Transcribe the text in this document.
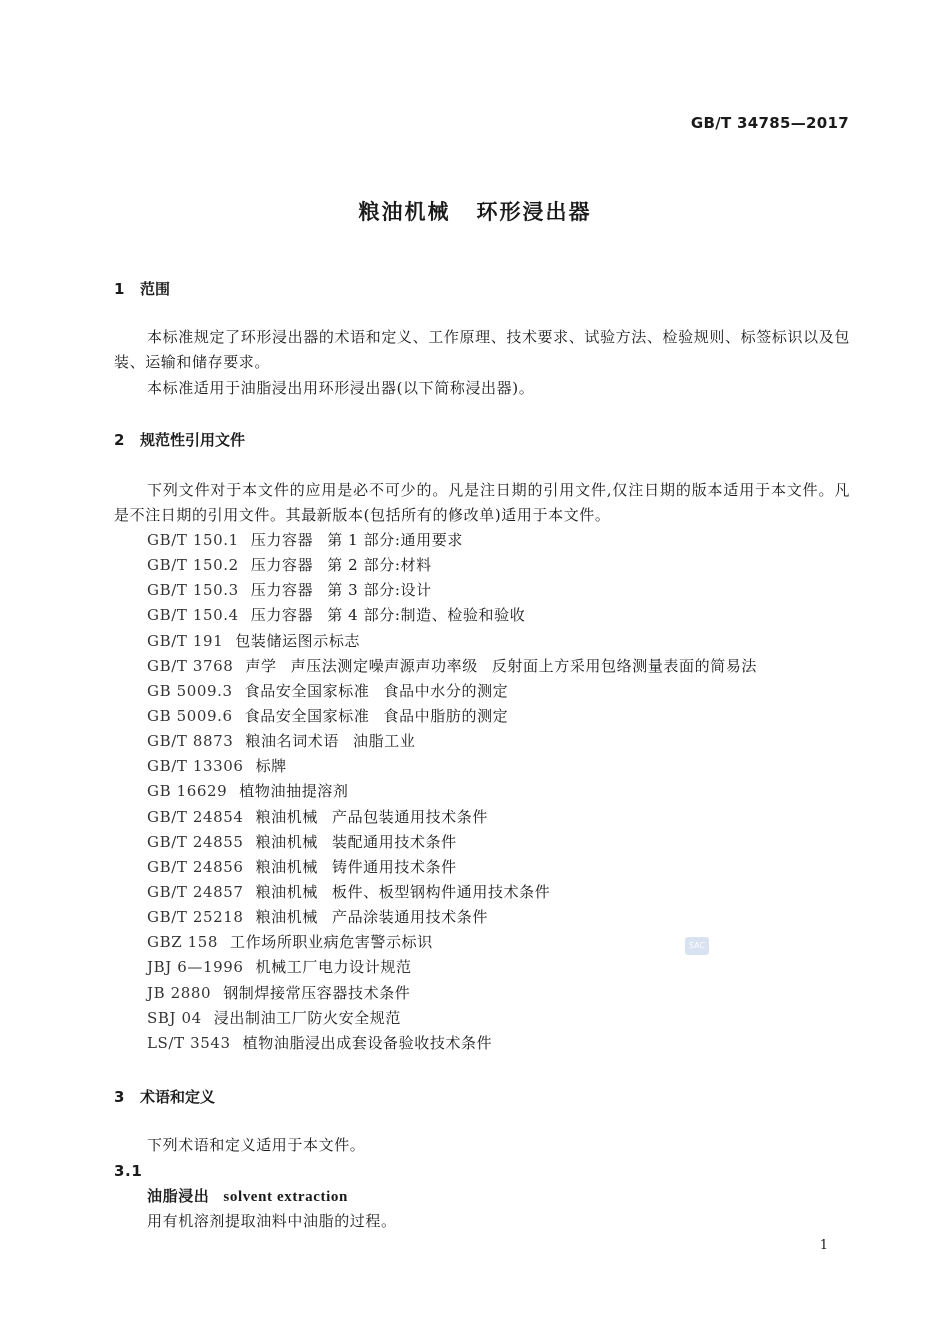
GB/T 34785—2017
粮油机械 环形浸出器
1 范围
本标准规定了环形浸出器的术语和定义、工作原理、技术要求、试验方法、检验规则、标签标识以及包装、运输和储存要求。
本标准适用于油脂浸出用环形浸出器(以下简称浸出器)。
2 规范性引用文件
下列文件对于本文件的应用是必不可少的。凡是注日期的引用文件,仅注日期的版本适用于本文件。凡是不注日期的引用文件。其最新版本(包括所有的修改单)适用于本文件。
GB/T 150.1 压力容器 第 1 部分:通用要求
GB/T 150.2 压力容器 第 2 部分:材料
GB/T 150.3 压力容器 第 3 部分:设计
GB/T 150.4 压力容器 第 4 部分:制造、检验和验收
GB/T 191 包装储运图示标志
GB/T 3768 声学 声压法测定噪声源声功率级 反射面上方采用包络测量表面的简易法
GB 5009.3 食品安全国家标准 食品中水分的测定
GB 5009.6 食品安全国家标准 食品中脂肪的测定
GB/T 8873 粮油名词术语 油脂工业
GB/T 13306 标牌
GB 16629 植物油抽提溶剂
GB/T 24854 粮油机械 产品包装通用技术条件
GB/T 24855 粮油机械 装配通用技术条件
GB/T 24856 粮油机械 铸件通用技术条件
GB/T 24857 粮油机械 板件、板型钢构件通用技术条件
GB/T 25218 粮油机械 产品涂装通用技术条件
GBZ 158 工作场所职业病危害警示标识
JBJ 6—1996 机械工厂电力设计规范
JB 2880 钢制焊接常压容器技术条件
SBJ 04 浸出制油工厂防火安全规范
LS/T 3543 植物油脂浸出成套设备验收技术条件
3 术语和定义
下列术语和定义适用于本文件。
3.1
油脂浸出 solvent extraction
用有机溶剂提取油料中油脂的过程。
SAC
1
